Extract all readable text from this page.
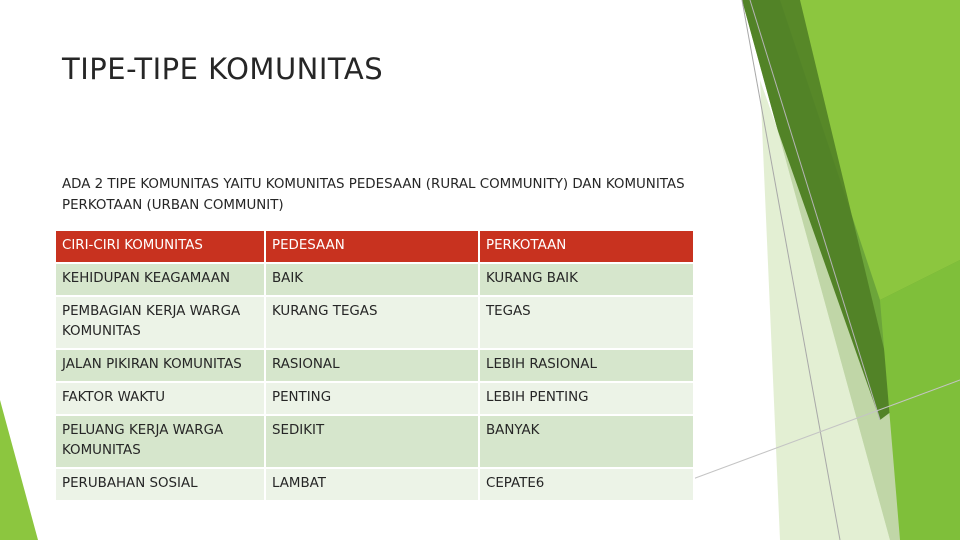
TIPE-TIPE KOMUNITAS
ADA 2 TIPE KOMUNITAS YAITU KOMUNITAS PEDESAAN (RURAL COMMUNITY) DAN KOMUNITAS PERKOTAAN (URBAN COMMUNIT)
CIRI-CIRI KOMUNITAS	PEDESAAN	PERKOTAAN
KEHIDUPAN KEAGAMAAN	BAIK	KURANG BAIK
PEMBAGIAN KERJA WARGA KOMUNITAS	KURANG TEGAS	TEGAS
JALAN PIKIRAN KOMUNITAS	RASIONAL	LEBIH RASIONAL
FAKTOR WAKTU	PENTING	LEBIH PENTING
PELUANG KERJA WARGA KOMUNITAS	SEDIKIT	BANYAK
PERUBAHAN SOSIAL	LAMBAT	CEPATE6
